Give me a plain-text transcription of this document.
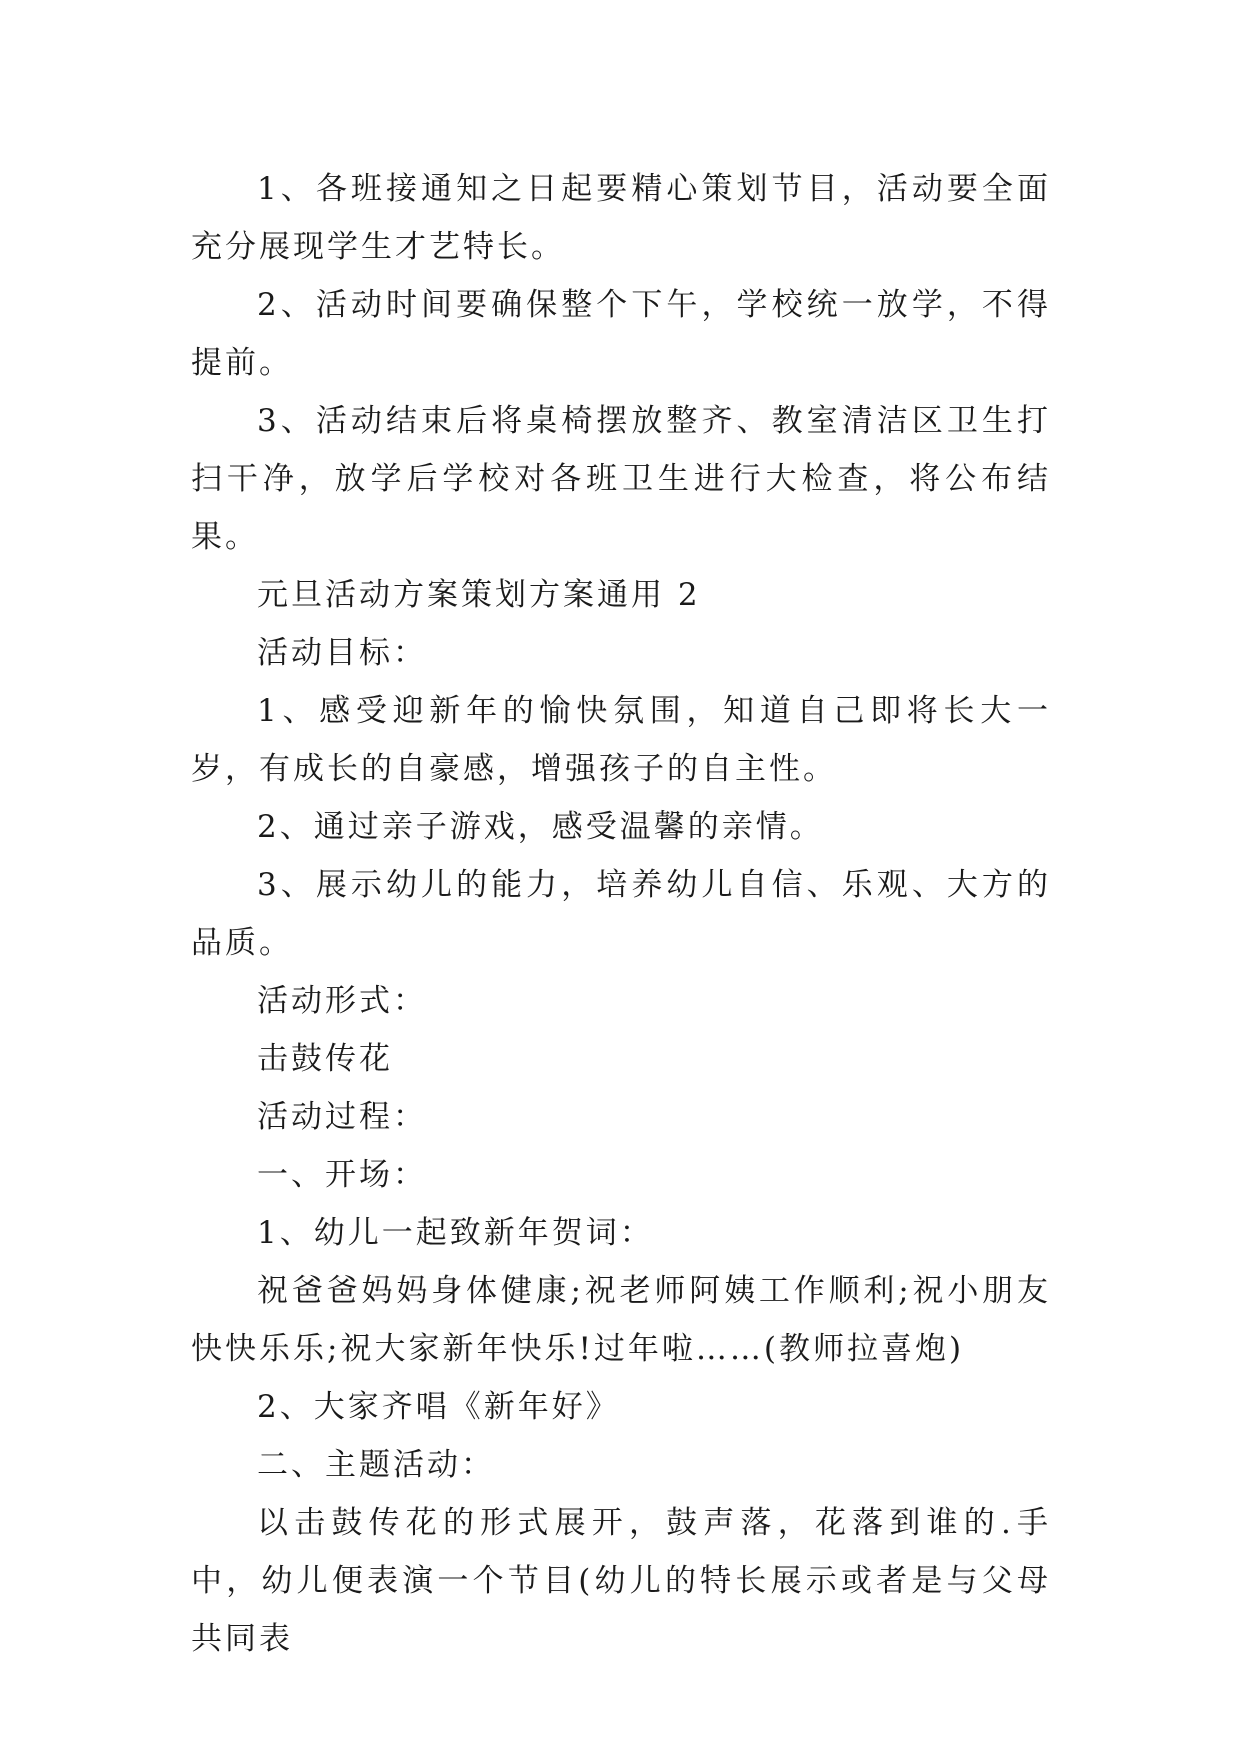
1、各班接通知之日起要精心策划节目，活动要全面充分展现学生才艺特长。

2、活动时间要确保整个下午，学校统一放学，不得提前。

3、活动结束后将桌椅摆放整齐、教室清洁区卫生打扫干净，放学后学校对各班卫生进行大检查，将公布结果。

元旦活动方案策划方案通用 2

活动目标：

1、感受迎新年的愉快氛围，知道自己即将长大一岁，有成长的自豪感，增强孩子的自主性。

2、通过亲子游戏，感受温馨的亲情。

3、展示幼儿的能力，培养幼儿自信、乐观、大方的品质。

活动形式：

击鼓传花

活动过程：

一、开场：

1、幼儿一起致新年贺词：

祝爸爸妈妈身体健康;祝老师阿姨工作顺利;祝小朋友快快乐乐;祝大家新年快乐!过年啦……(教师拉喜炮)

2、大家齐唱《新年好》

二、主题活动：

以击鼓传花的形式展开，鼓声落，花落到谁的.手中，幼儿便表演一个节目(幼儿的特长展示或者是与父母共同表
